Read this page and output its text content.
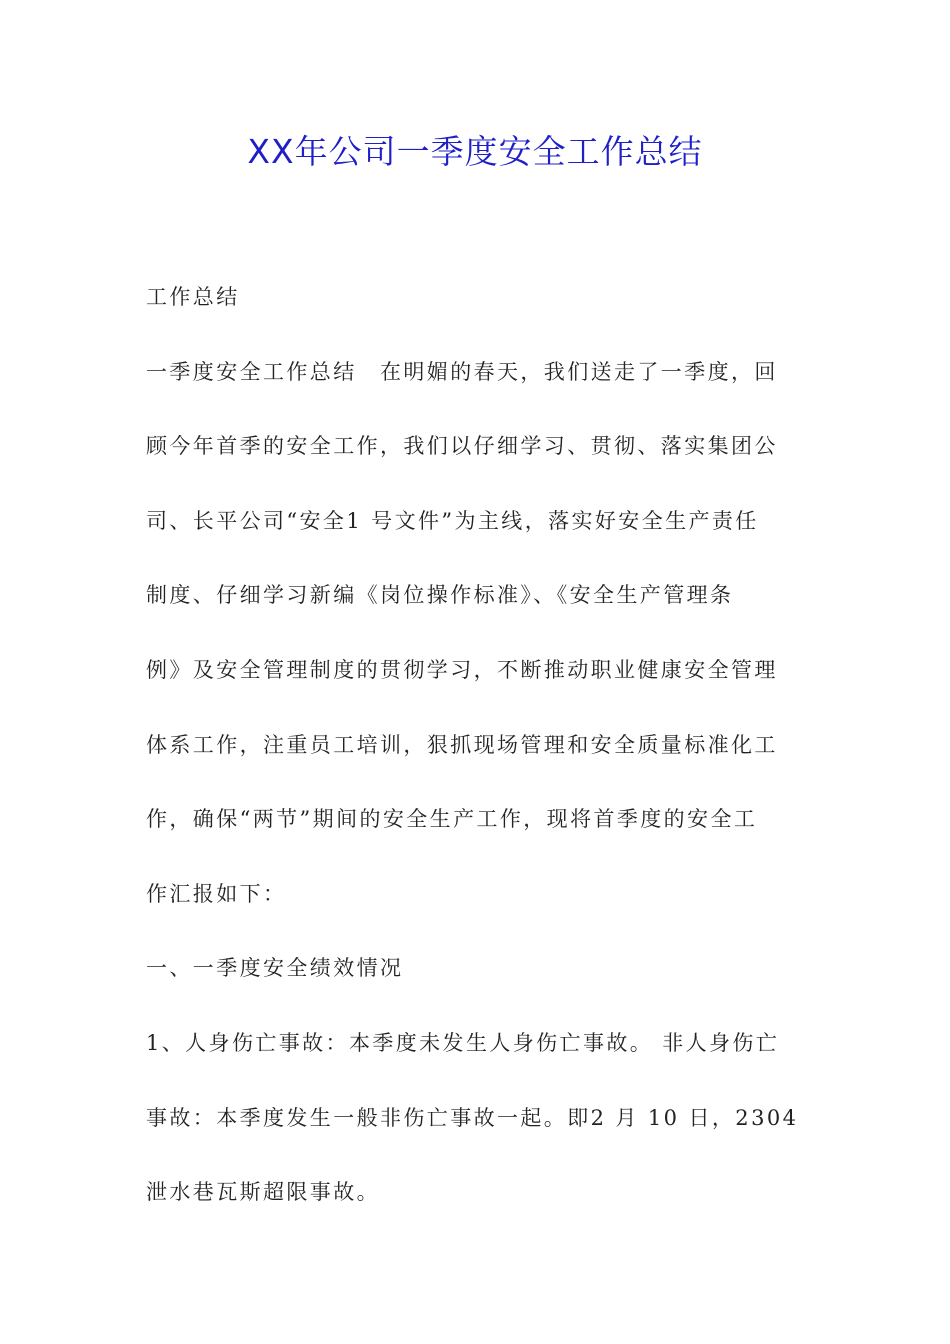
XX年公司一季度安全工作总结
工作总结
一季度安全工作总结　在明媚的春天，我们送走了一季度，回
顾今年首季的安全工作，我们以仔细学习、贯彻、落实集团公
司、长平公司“安全1 号文件”为主线，落实好安全生产责任
制度、仔细学习新编《岗位操作标准》、《安全生产管理条
例》及安全管理制度的贯彻学习，不断推动职业健康安全管理
体系工作，注重员工培训，狠抓现场管理和安全质量标准化工
作，确保“两节”期间的安全生产工作，现将首季度的安全工
作汇报如下：
一、一季度安全绩效情况
1、人身伤亡事故：本季度未发生人身伤亡事故。 非人身伤亡
事故：本季度发生一般非伤亡事故一起。即2 月 10 日，2304
泄水巷瓦斯超限事故。
